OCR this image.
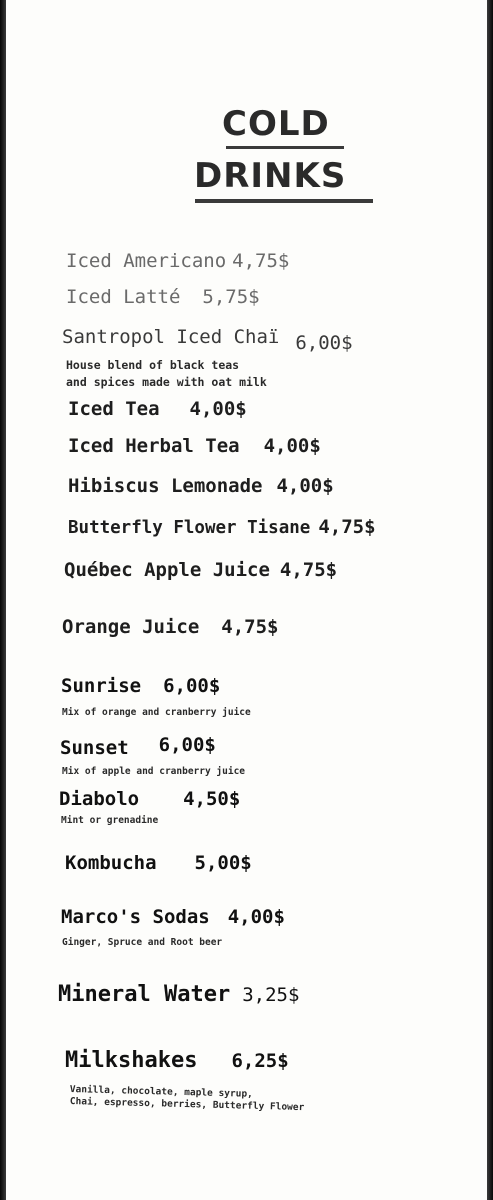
COLD
DRINKS
Iced Americano 4,75$
Iced Latté 5,75$
Santropol Iced Chaï 6,00$
House blend of black teas
and spices made with oat milk
Iced Tea 4,00$
Iced Herbal Tea 4,00$
Hibiscus Lemonade 4,00$
Butterfly Flower Tisane 4,75$
Québec Apple Juice 4,75$
Orange Juice 4,75$
Sunrise 6,00$
Mix of orange and cranberry juice
Sunset 6,00$
Mix of apple and cranberry juice
Diabolo 4,50$
Mint or grenadine
Kombucha 5,00$
Marco's Sodas 4,00$
Ginger, Spruce and Root beer
Mineral Water 3,25$
Milkshakes 6,25$
Vanilla, chocolate, maple syrup,
Chai, espresso, berries, Butterfly Flower
